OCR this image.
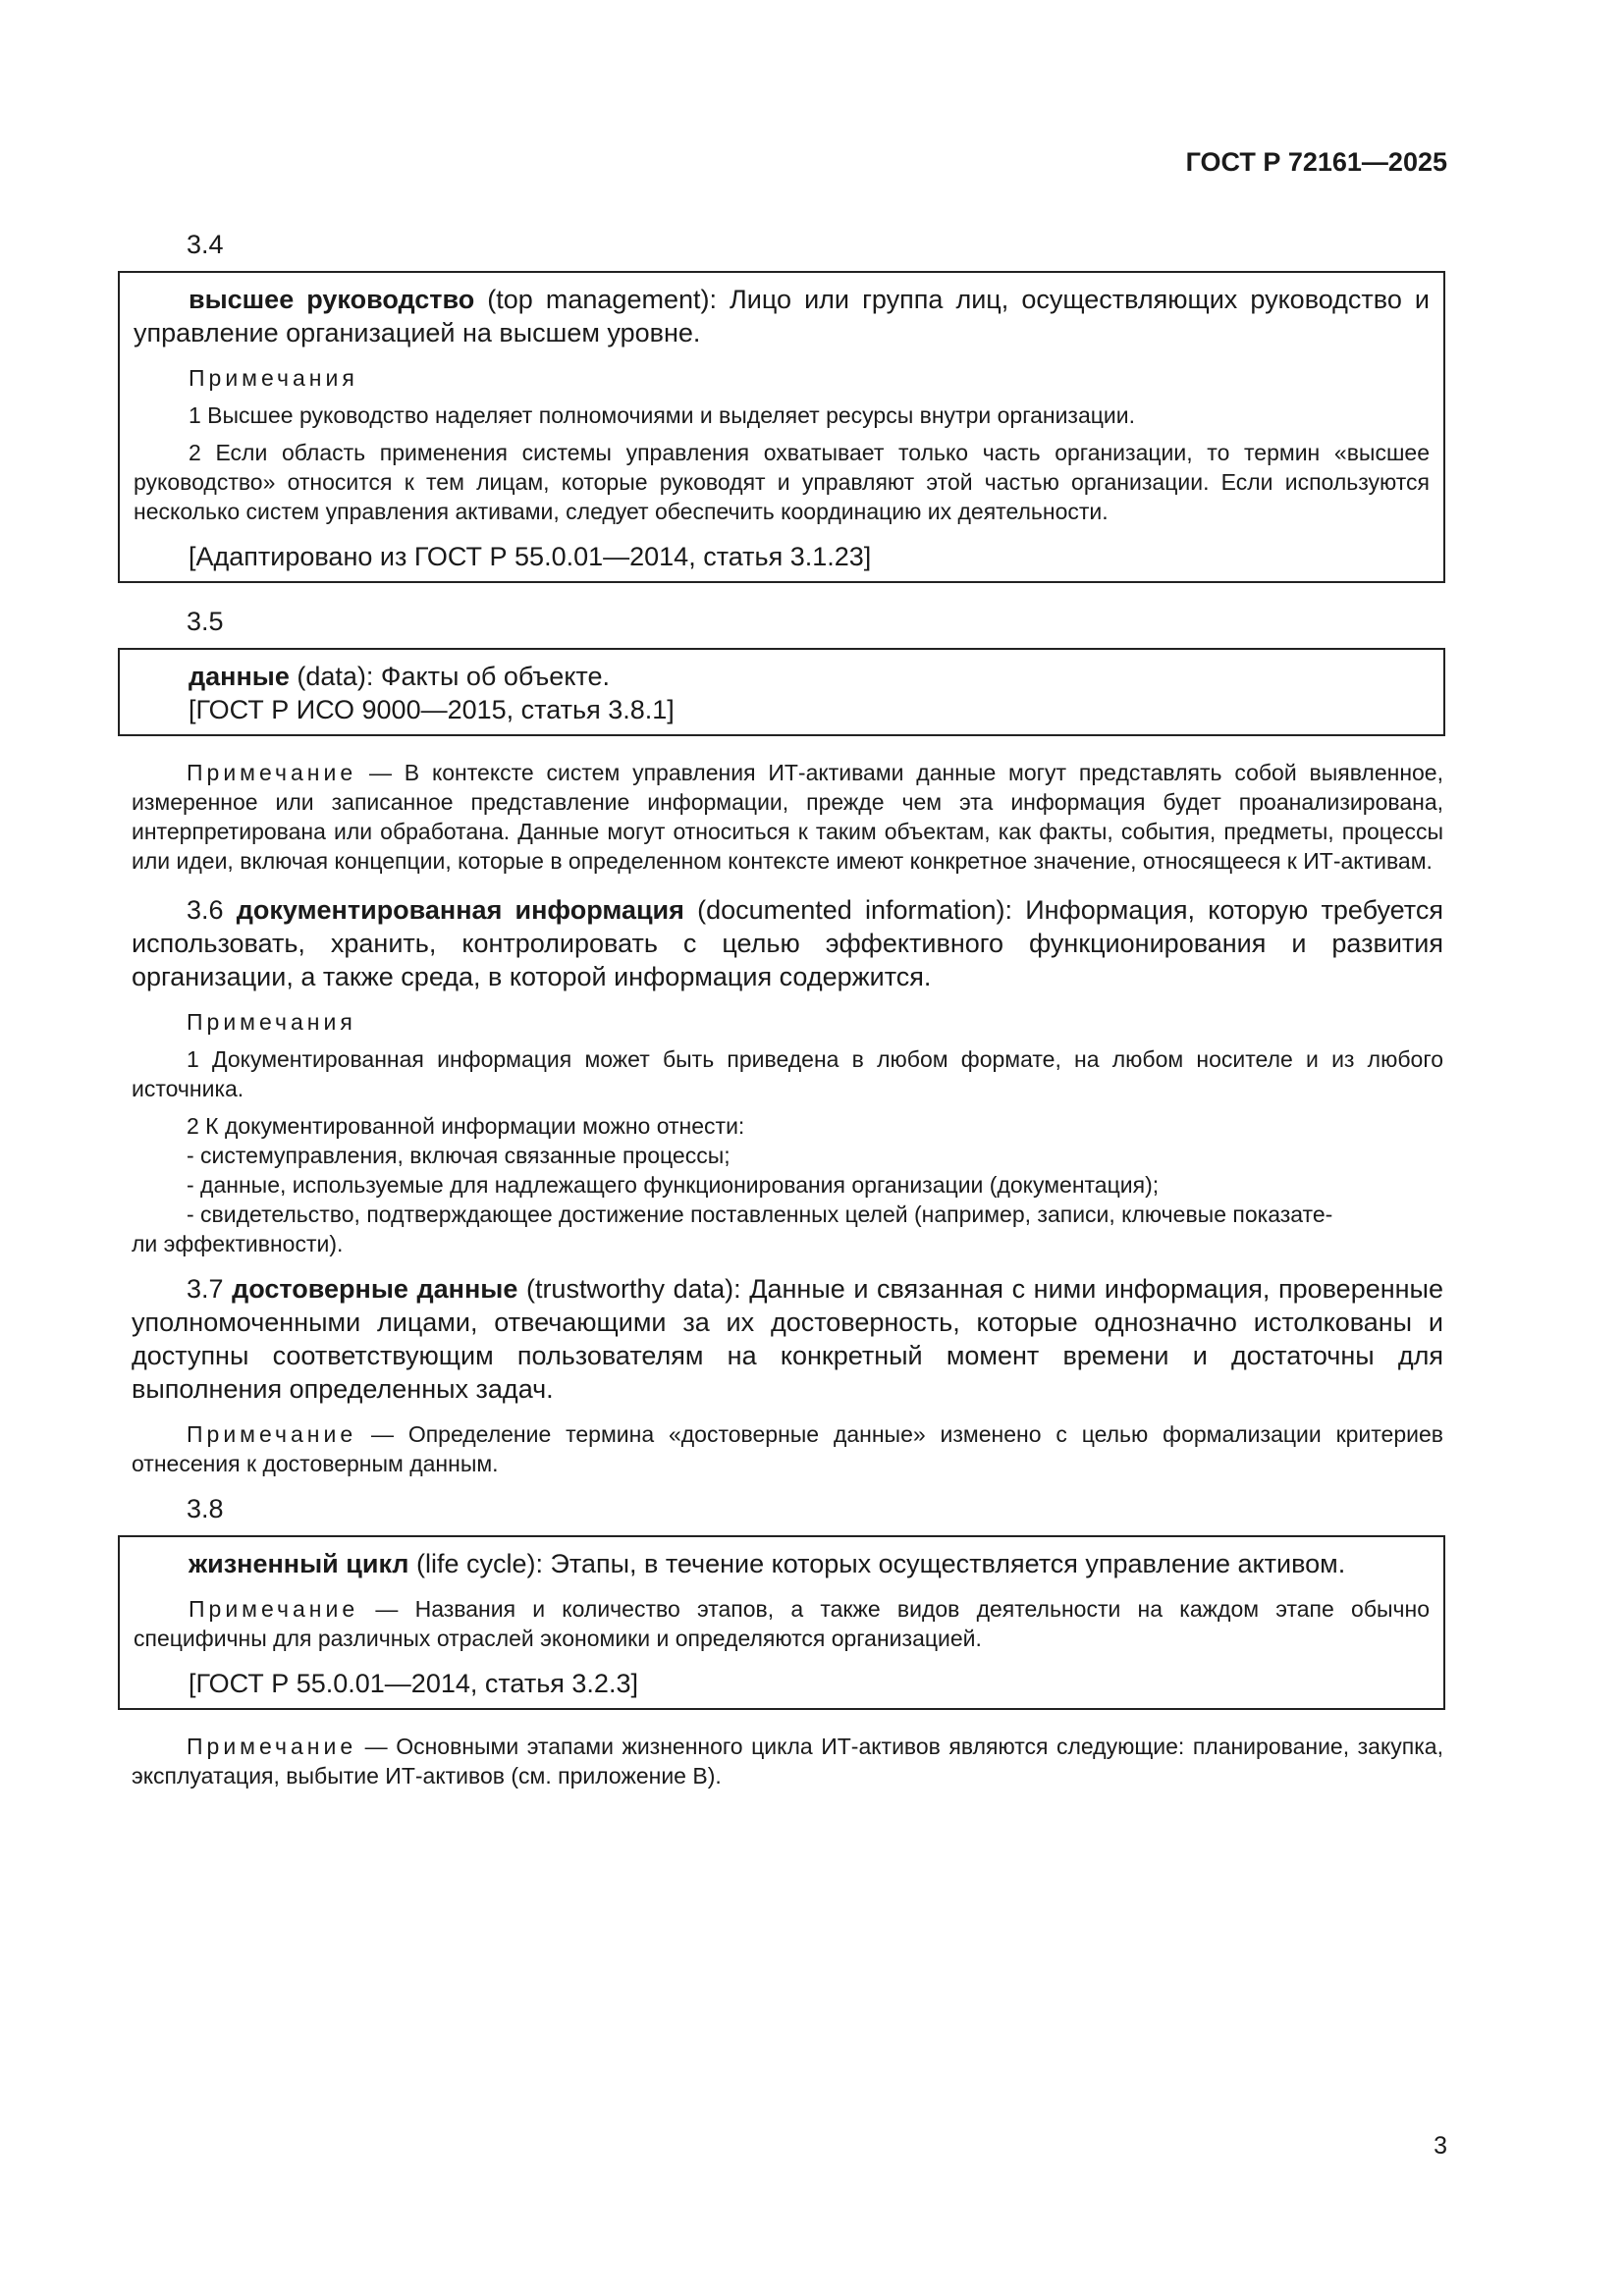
ГОСТ Р 72161—2025

3.4

высшее руководство (top management): Лицо или группа лиц, осуществляющих руководство и управление организацией на высшем уровне.

Примечания

1 Высшее руководство наделяет полномочиями и выделяет ресурсы внутри организации.

2 Если область применения системы управления охватывает только часть организации, то термин «высшее руководство» относится к тем лицам, которые руководят и управляют этой частью организации. Если используются несколько систем управления активами, следует обеспечить координацию их деятельности.

[Адаптировано из ГОСТ Р 55.0.01—2014, статья 3.1.23]

3.5

данные (data): Факты об объекте.

[ГОСТ Р ИСО 9000—2015, статья 3.8.1]

Примечание — В контексте систем управления ИТ-активами данные могут представлять собой выявленное, измеренное или записанное представление информации, прежде чем эта информация будет проанализирована, интерпретирована или обработана. Данные могут относиться к таким объектам, как факты, события, предметы, процессы или идеи, включая концепции, которые в определенном контексте имеют конкретное значение, относящееся к ИТ-активам.

3.6 документированная информация (documented information): Информация, которую требуется использовать, хранить, контролировать с целью эффективного функционирования и развития организации, а также среда, в которой информация содержится.

Примечания

1 Документированная информация может быть приведена в любом формате, на любом носителе и из любого источника.

2 К документированной информации можно отнести:

- системуправления, включая связанные процессы;

- данные, используемые для надлежащего функционирования организации (документация);

- свидетельство, подтверждающее достижение поставленных целей (например, записи, ключевые показате-

ли эффективности).

3.7 достоверные данные (trustworthy data): Данные и связанная с ними информация, проверенные уполномоченными лицами, отвечающими за их достоверность, которые однозначно истолкованы и доступны соответствующим пользователям на конкретный момент времени и достаточны для выполнения определенных задач.

Примечание — Определение термина «достоверные данные» изменено с целью формализации критериев отнесения к достоверным данным.

3.8

жизненный цикл (life cycle): Этапы, в течение которых осуществляется управление активом.

Примечание — Названия и количество этапов, а также видов деятельности на каждом этапе обычно специфичны для различных отраслей экономики и определяются организацией.

[ГОСТ Р 55.0.01—2014, статья 3.2.3]

Примечание — Основными этапами жизненного цикла ИТ-активов являются следующие: планирование, закупка, эксплуатация, выбытие ИТ-активов (см. приложение В).

3
